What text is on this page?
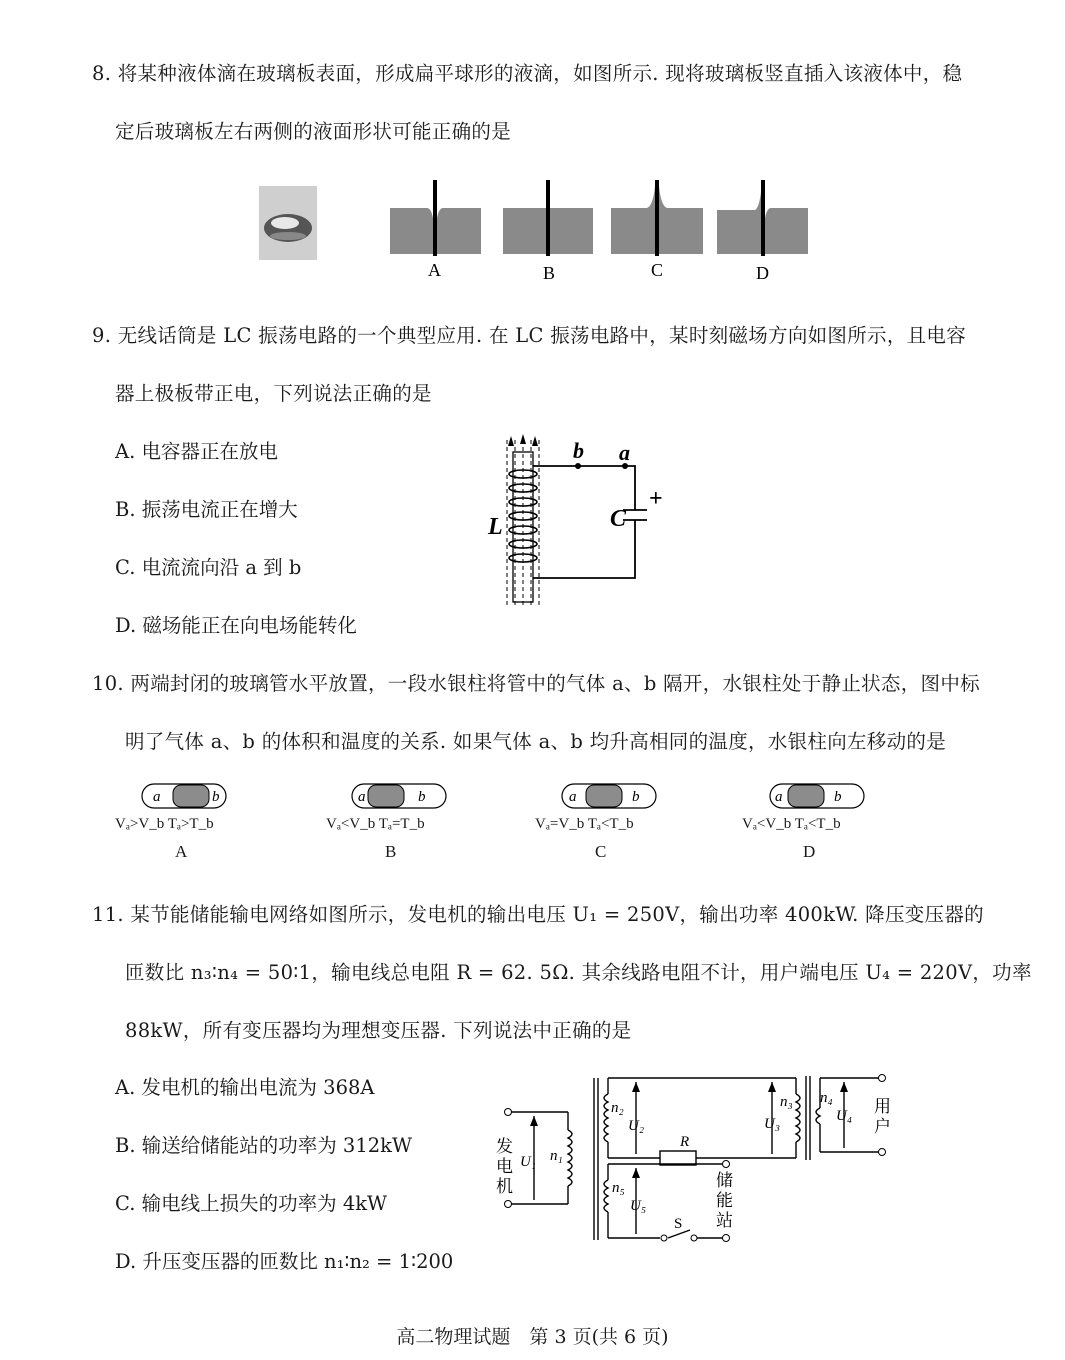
8. 将某种液体滴在玻璃板表面，形成扁平球形的液滴，如图所示. 现将玻璃板竖直插入该液体中，稳
定后玻璃板左右两侧的液面形状可能正确的是
A	B	C	D
9. 无线话筒是 LC 振荡电路的一个典型应用. 在 LC 振荡电路中，某时刻磁场方向如图所示，且电容
器上极板带正电，下列说法正确的是
A. 电容器正在放电
B. 振荡电流正在增大
C. 电流流向沿 a 到 b
D. 磁场能正在向电场能转化
b a
L	C
+
10. 两端封闭的玻璃管水平放置，一段水银柱将管中的气体 a、b 隔开，水银柱处于静止状态，图中标
明了气体 a、b 的体积和温度的关系. 如果气体 a、b 均升高相同的温度，水银柱向左移动的是
a	b
Vₐ>V_b Tₐ>T_b
A
a	b
Vₐ<V_b Tₐ=T_b
B
a	b
Vₐ=V_b Tₐ<T_b
C
a	b
Vₐ<V_b Tₐ<T_b
D
11. 某节能储能输电网络如图所示，发电机的输出电压 U₁ = 250V，输出功率 400kW. 降压变压器的
匝数比 n₃∶n₄ = 50∶1，输电线总电阻 R = 62. 5Ω. 其余线路电阻不计，用户端电压 U₄ = 220V，功率
88kW，所有变压器均为理想变压器. 下列说法中正确的是
A. 发电机的输出电流为 368A
B. 输送给储能站的功率为 312kW
C. 输电线上损失的功率为 4kW
D. 升压变压器的匝数比 n₁∶n₂ = 1∶200
U₁ n₁
n₂
U₂
R
U₃
n₃ n₄
U₄
n₅
U₅
S
发
电
机
用
户
储
能
站
高二物理试题　第 3 页(共 6 页)
